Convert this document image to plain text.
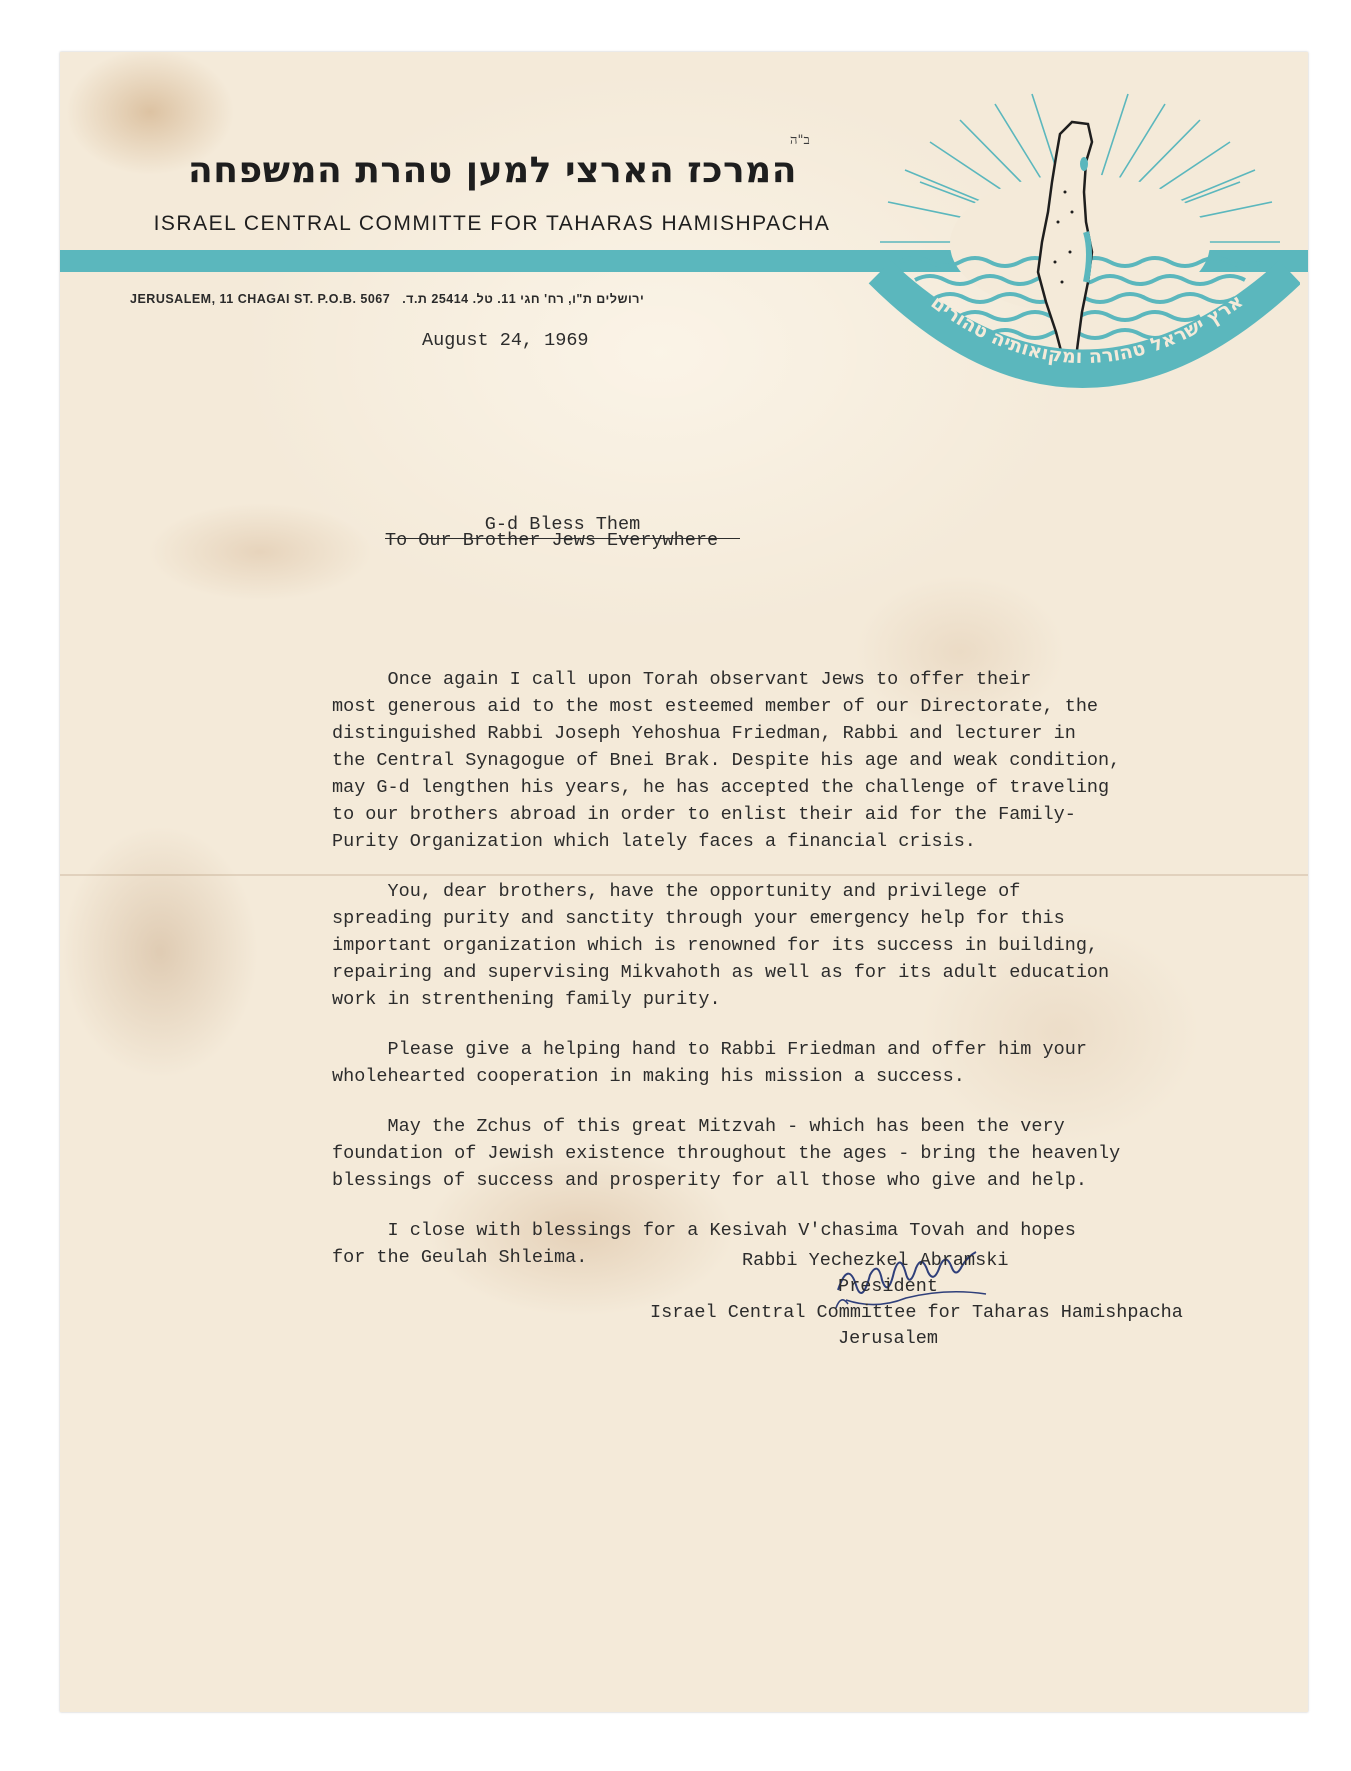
ב"ה
המרכז הארצי למען טהרת המשפחה
ISRAEL CENTRAL COMMITTE FOR TAHARAS HAMISHPACHA
JERUSALEM, 11 CHAGAI ST. P.O.B. 5067 ירושלים ת"ו, רח' חגי 11. טל. 25414 ת.ד.	ארץ ישראל טהורה ומקואותיה טהורים
August 24, 1969

To Our Brother Jews Everywhere

G-d Bless Them

Once again I call upon Torah observant Jews to offer their
most generous aid to the most esteemed member of our Directorate, the
distinguished Rabbi Joseph Yehoshua Friedman, Rabbi and lecturer in
the Central Synagogue of Bnei Brak. Despite his age and weak condition,
may G-d lengthen his years, he has accepted the challenge of traveling
to our brothers abroad in order to enlist their aid for the Family-
Purity Organization which lately faces a financial crisis.
You, dear brothers, have the opportunity and privilege of
spreading purity and sanctity through your emergency help for this
important organization which is renowned for its success in building,
repairing and supervising Mikvahoth as well as for its adult education
work in strenthening family purity.
Please give a helping hand to Rabbi Friedman and offer him your
wholehearted cooperation in making his mission a success.
May the Zchus of this great Mitzvah - which has been the very
foundation of Jewish existence throughout the ages - bring the heavenly
blessings of success and prosperity for all those who give and help.
I close with blessings for a Kesivah V'chasima Tovah and hopes
for the Geulah Shleima.	Rabbi Yechezkel Abramski
President
Israel Central Committee for Taharas Hamishpacha
Jerusalem
